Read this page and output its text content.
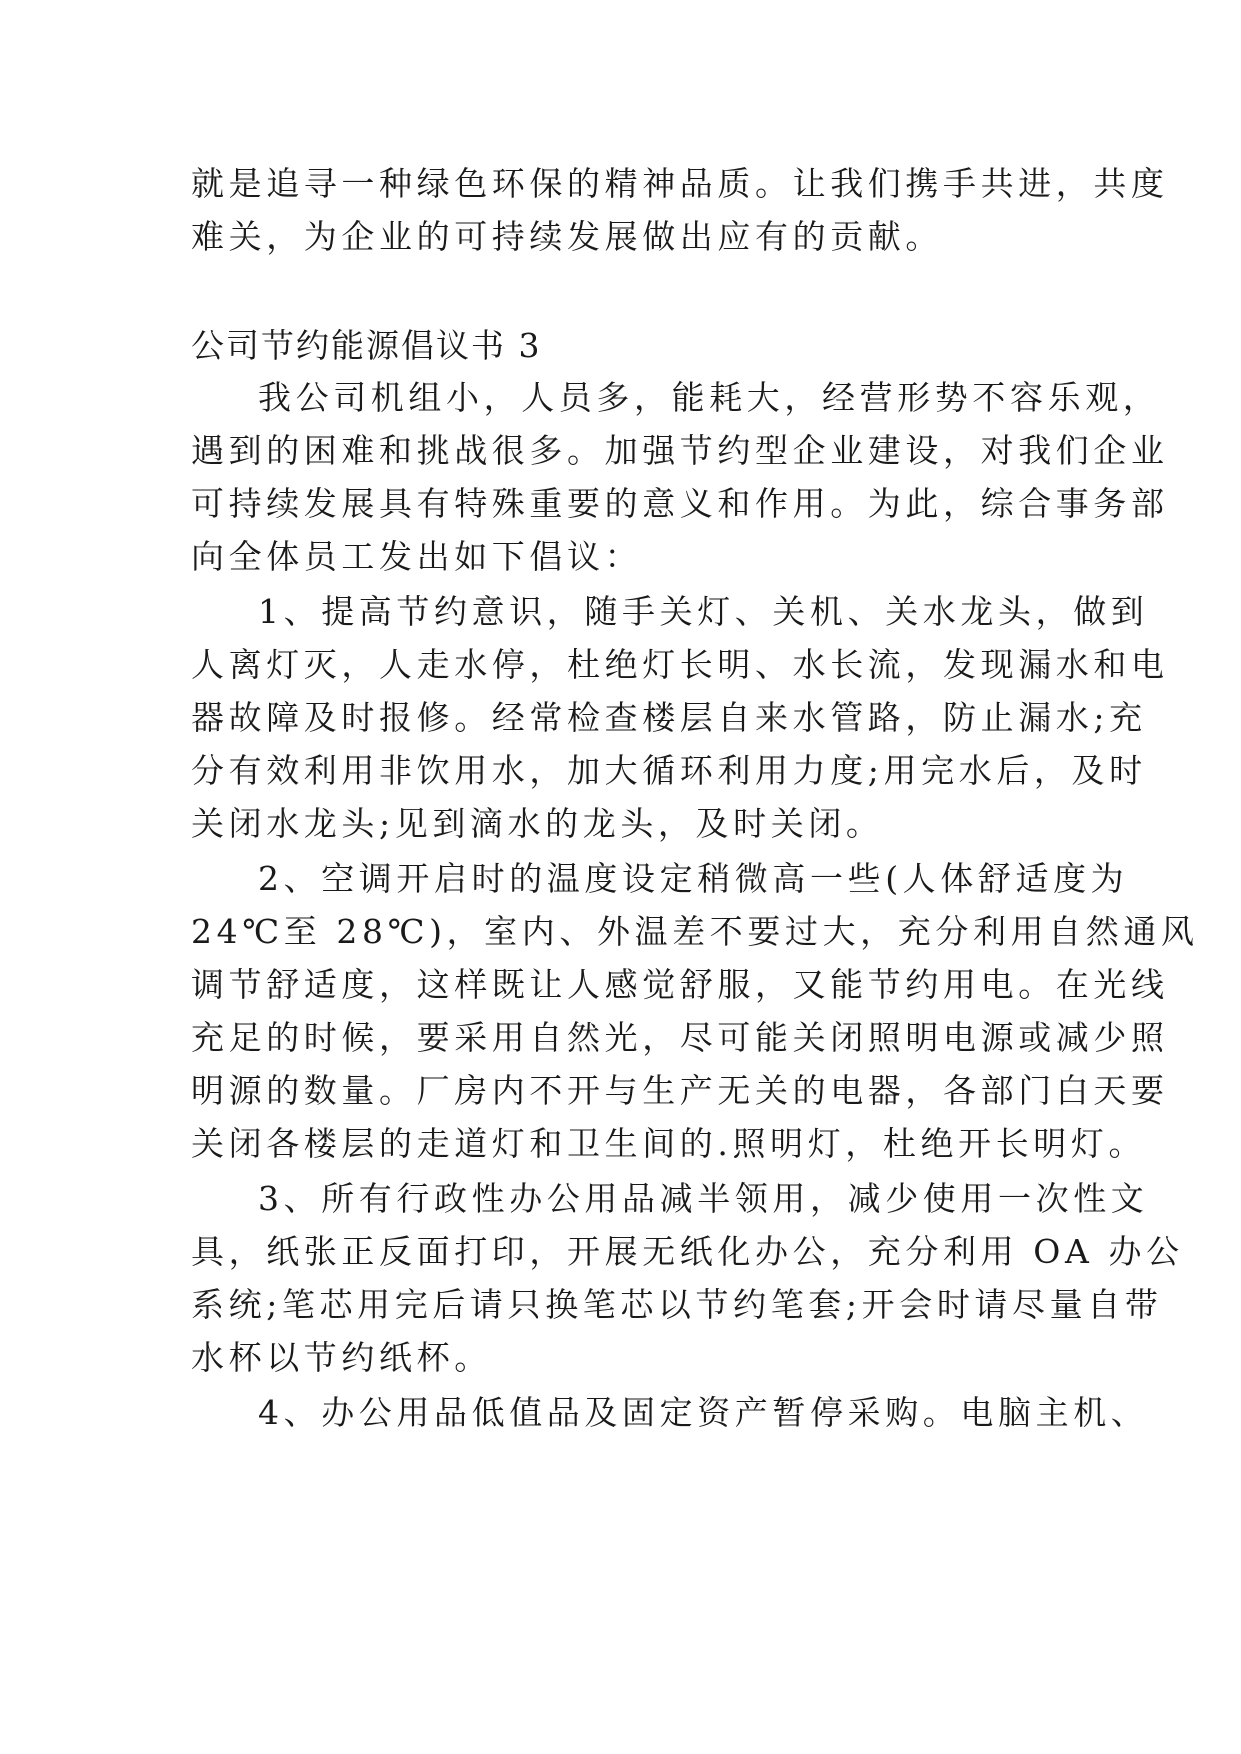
就是追寻一种绿色环保的精神品质。让我们携手共进，共度

难关，为企业的可持续发展做出应有的贡献。

公司节约能源倡议书 3

我公司机组小，人员多，能耗大，经营形势不容乐观，

遇到的困难和挑战很多。加强节约型企业建设，对我们企业

可持续发展具有特殊重要的意义和作用。为此，综合事务部

向全体员工发出如下倡议：

1、提高节约意识，随手关灯、关机、关水龙头，做到

人离灯灭，人走水停，杜绝灯长明、水长流，发现漏水和电

器故障及时报修。经常检查楼层自来水管路，防止漏水;充

分有效利用非饮用水，加大循环利用力度;用完水后，及时

关闭水龙头;见到滴水的龙头，及时关闭。

2、空调开启时的温度设定稍微高一些(人体舒适度为

24℃至 28℃)，室内、外温差不要过大，充分利用自然通风

调节舒适度，这样既让人感觉舒服，又能节约用电。在光线

充足的时候，要采用自然光，尽可能关闭照明电源或减少照

明源的数量。厂房内不开与生产无关的电器，各部门白天要

关闭各楼层的走道灯和卫生间的.照明灯，杜绝开长明灯。

3、所有行政性办公用品减半领用，减少使用一次性文

具，纸张正反面打印，开展无纸化办公，充分利用 OA 办公

系统;笔芯用完后请只换笔芯以节约笔套;开会时请尽量自带

水杯以节约纸杯。

4、办公用品低值品及固定资产暂停采购。电脑主机、
